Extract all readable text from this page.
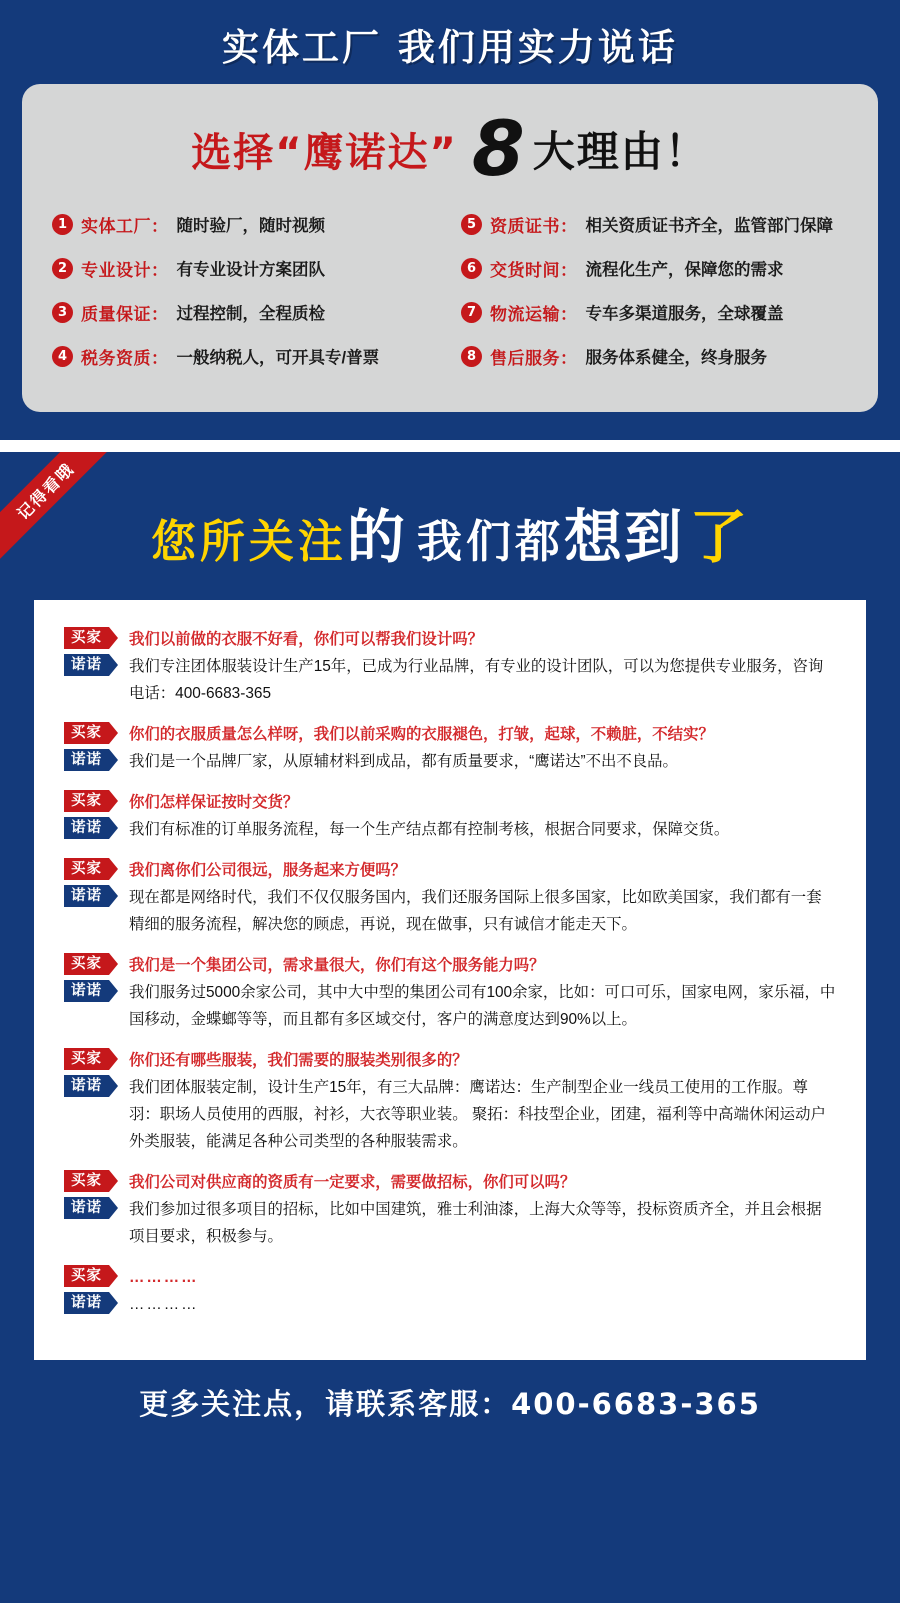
实体工厂 我们用实力说话
选择“鹰诺达” 8 大理由！
1 实体工厂： 随时验厂，随时视频	5 资质证书： 相关资质证书齐全，监管部门保障
2 专业设计： 有专业设计方案团队	6 交货时间： 流程化生产，保障您的需求
3 质量保证： 过程控制，全程质检	7 物流运输： 专车多渠道服务，全球覆盖
4 税务资质： 一般纳税人，可开具专/普票	8 售后服务： 服务体系健全，终身服务
记得看哦
您所关注的 我们都想到 了
买家	我们以前做的衣服不好看，你们可以帮我们设计吗？
诺诺	我们专注团体服装设计生产15年，已成为行业品牌，有专业的设计团队，可以为您提供专业服务，咨询电话：400-6683-365
买家	你们的衣服质量怎么样呀，我们以前采购的衣服褪色，打皱，起球，不赖脏，不结实？
诺诺	我们是一个品牌厂家，从原辅材料到成品，都有质量要求，“鹰诺达”不出不良品。
买家	你们怎样保证按时交货？
诺诺	我们有标准的订单服务流程，每一个生产结点都有控制考核，根据合同要求，保障交货。
买家	我们离你们公司很远，服务起来方便吗？
诺诺	现在都是网络时代，我们不仅仅服务国内，我们还服务国际上很多国家，比如欧美国家，我们都有一套精细的服务流程，解决您的顾虑，再说，现在做事，只有诚信才能走天下。
买家	我们是一个集团公司，需求量很大，你们有这个服务能力吗？
诺诺	我们服务过5000余家公司，其中大中型的集团公司有100余家，比如：可口可乐，国家电网，家乐福，中国移动，金蝶螂等等，而且都有多区域交付，客户的满意度达到90%以上。
买家	你们还有哪些服装，我们需要的服装类别很多的？
诺诺	我们团体服装定制，设计生产15年，有三大品牌：鹰诺达：生产制型企业一线员工使用的工作服。尊羽：职场人员使用的西服，衬衫，大衣等职业装。 聚拓：科技型企业，团建，福利等中高端休闲运动户外类服装，能满足各种公司类型的各种服装需求。
买家	我们公司对供应商的资质有一定要求，需要做招标，你们可以吗？
诺诺	我们参加过很多项目的招标，比如中国建筑，雅士利油漆，上海大众等等，投标资质齐全，并且会根据项目要求，积极参与。
买家	…………
诺诺	…………
更多关注点，请联系客服：400-6683-365
